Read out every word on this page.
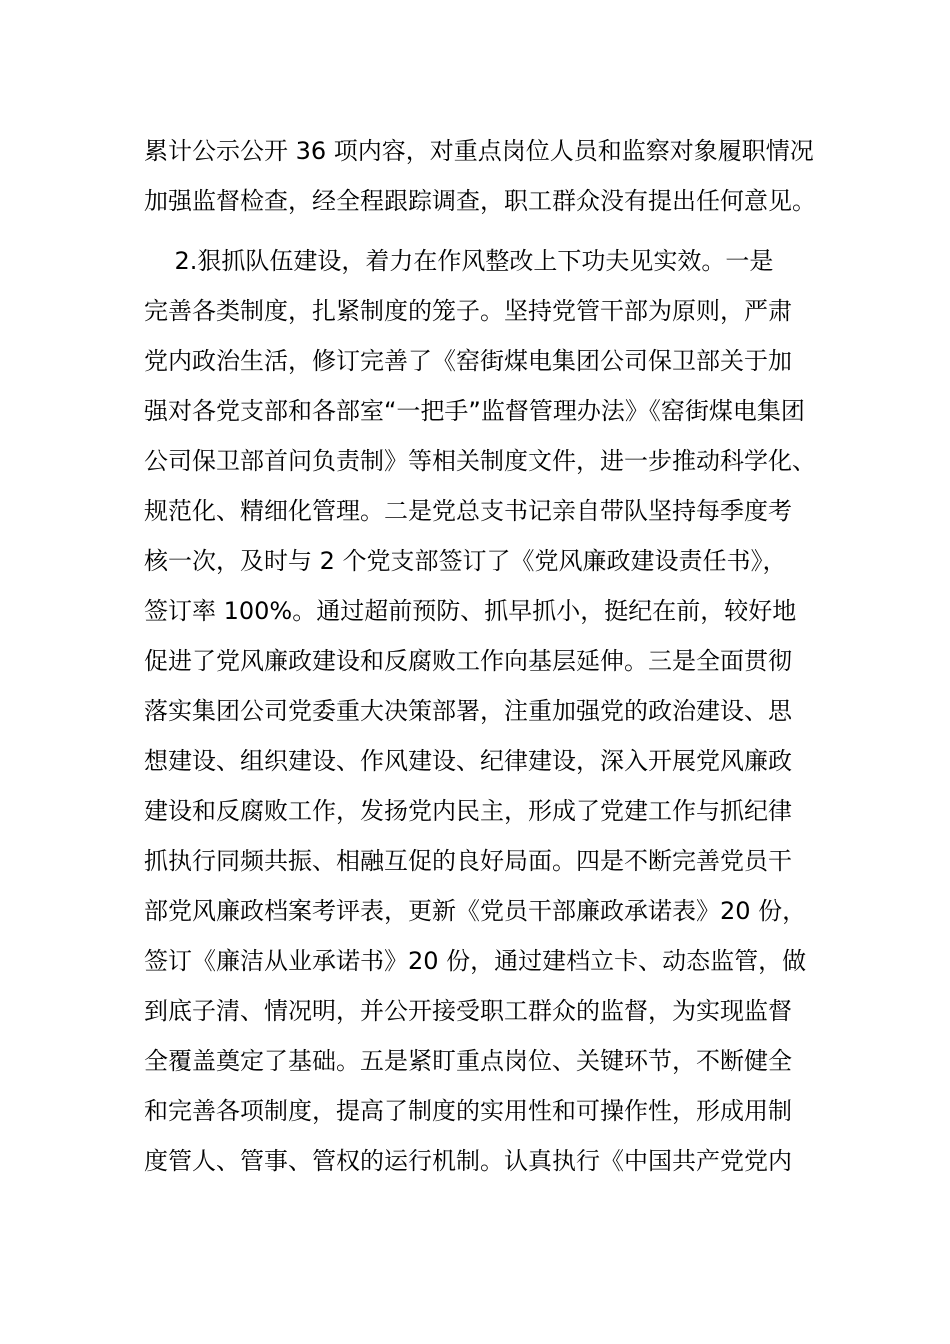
累计公示公开 36 项内容，对重点岗位人员和监察对象履职情况
加强监督检查，经全程跟踪调查，职工群众没有提出任何意见。
2.狠抓队伍建设，着力在作风整改上下功夫见实效。一是
完善各类制度，扎紧制度的笼子。坚持党管干部为原则，严肃
党内政治生活，修订完善了《窑街煤电集团公司保卫部关于加
强对各党支部和各部室“一把手”监督管理办法》《窑街煤电集团
公司保卫部首问负责制》等相关制度文件，进一步推动科学化、
规范化、精细化管理。二是党总支书记亲自带队坚持每季度考
核一次，及时与 2 个党支部签订了《党风廉政建设责任书》，
签订率 100%。通过超前预防、抓早抓小，挺纪在前，较好地
促进了党风廉政建设和反腐败工作向基层延伸。三是全面贯彻
落实集团公司党委重大决策部署，注重加强党的政治建设、思
想建设、组织建设、作风建设、纪律建设，深入开展党风廉政
建设和反腐败工作，发扬党内民主，形成了党建工作与抓纪律
抓执行同频共振、相融互促的良好局面。四是不断完善党员干
部党风廉政档案考评表，更新《党员干部廉政承诺表》20 份，
签订《廉洁从业承诺书》20 份，通过建档立卡、动态监管，做
到底子清、情况明，并公开接受职工群众的监督，为实现监督
全覆盖奠定了基础。五是紧盯重点岗位、关键环节，不断健全
和完善各项制度，提高了制度的实用性和可操作性，形成用制
度管人、管事、管权的运行机制。认真执行《中国共产党党内
